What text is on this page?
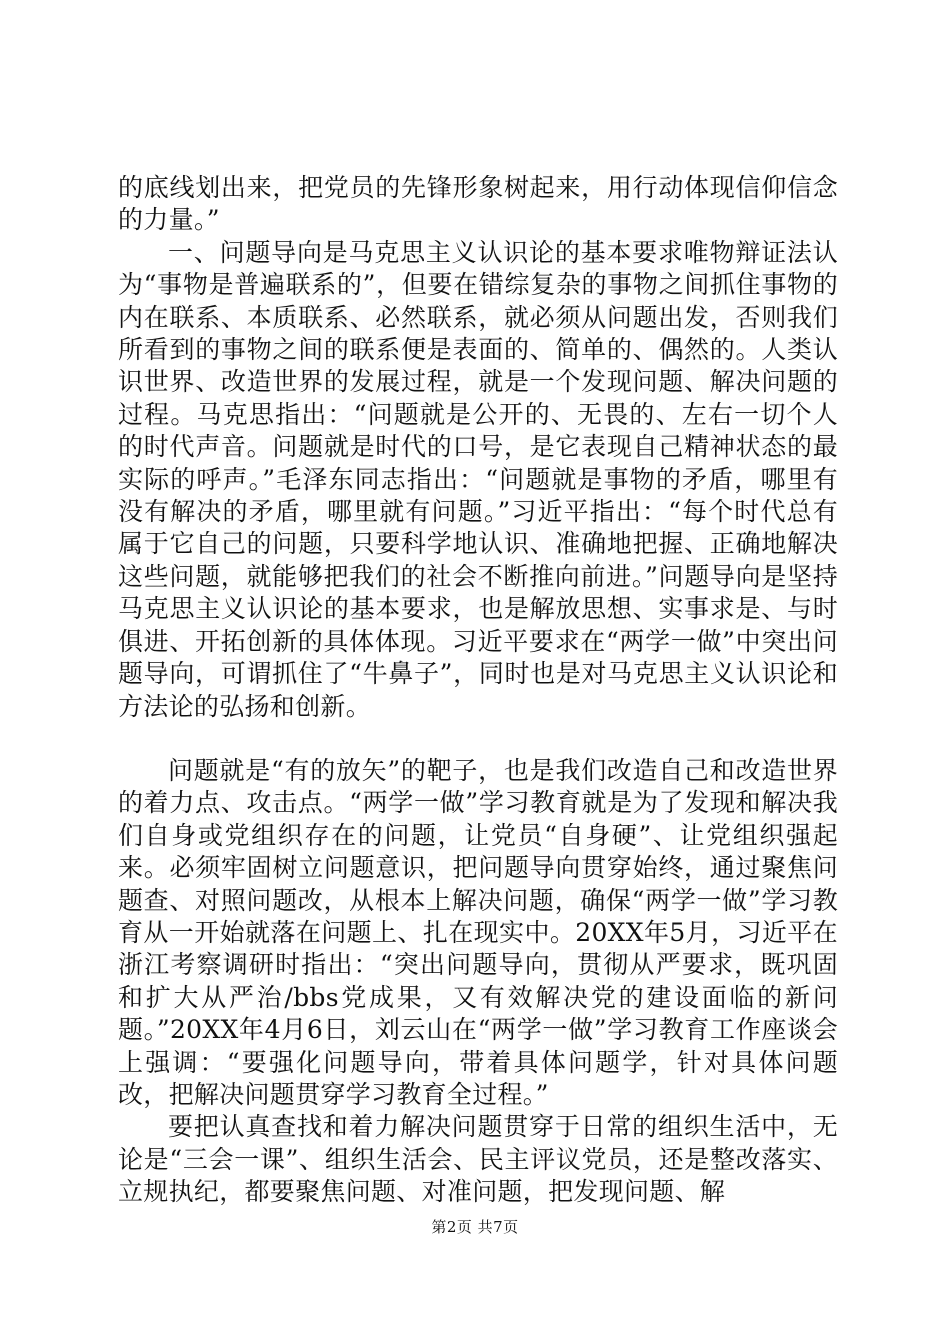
的底线划出来，把党员的先锋形象树起来，用行动体现信仰信念的力量。”

一、问题导向是马克思主义认识论的基本要求唯物辩证法认为“事物是普遍联系的”，但要在错综复杂的事物之间抓住事物的内在联系、本质联系、必然联系，就必须从问题出发，否则我们所看到的事物之间的联系便是表面的、简单的、偶然的。人类认识世界、改造世界的发展过程，就是一个发现问题、解决问题的过程。马克思指出：“问题就是公开的、无畏的、左右一切个人的时代声音。问题就是时代的口号，是它表现自己精神状态的最实际的呼声。”毛泽东同志指出：“问题就是事物的矛盾，哪里有没有解决的矛盾，哪里就有问题。”习近平指出：“每个时代总有属于它自己的问题，只要科学地认识、准确地把握、正确地解决这些问题，就能够把我们的社会不断推向前进。”问题导向是坚持马克思主义认识论的基本要求，也是解放思想、实事求是、与时俱进、开拓创新的具体体现。习近平要求在“两学一做”中突出问题导向，可谓抓住了“牛鼻子”，同时也是对马克思主义认识论和方法论的弘扬和创新。

问题就是“有的放矢”的靶子，也是我们改造自己和改造世界的着力点、攻击点。“两学一做”学习教育就是为了发现和解决我们自身或党组织存在的问题，让党员“自身硬”、让党组织强起来。必须牢固树立问题意识，把问题导向贯穿始终，通过聚焦问题查、对照问题改，从根本上解决问题，确保“两学一做”学习教育从一开始就落在问题上、扎在现实中。20XX年5月，习近平在浙江考察调研时指出：“突出问题导向，贯彻从严要求，既巩固和扩大从严治/bbs党成果，又有效解决党的建设面临的新问题。”20XX年4月6日，刘云山在“两学一做”学习教育工作座谈会上强调：“要强化问题导向，带着具体问题学，针对具体问题改，把解决问题贯穿学习教育全过程。”

要把认真查找和着力解决问题贯穿于日常的组织生活中，无论是“三会一课”、组织生活会、民主评议党员，还是整改落实、立规执纪，都要聚焦问题、对准问题，把发现问题、解

第2页 共7页
